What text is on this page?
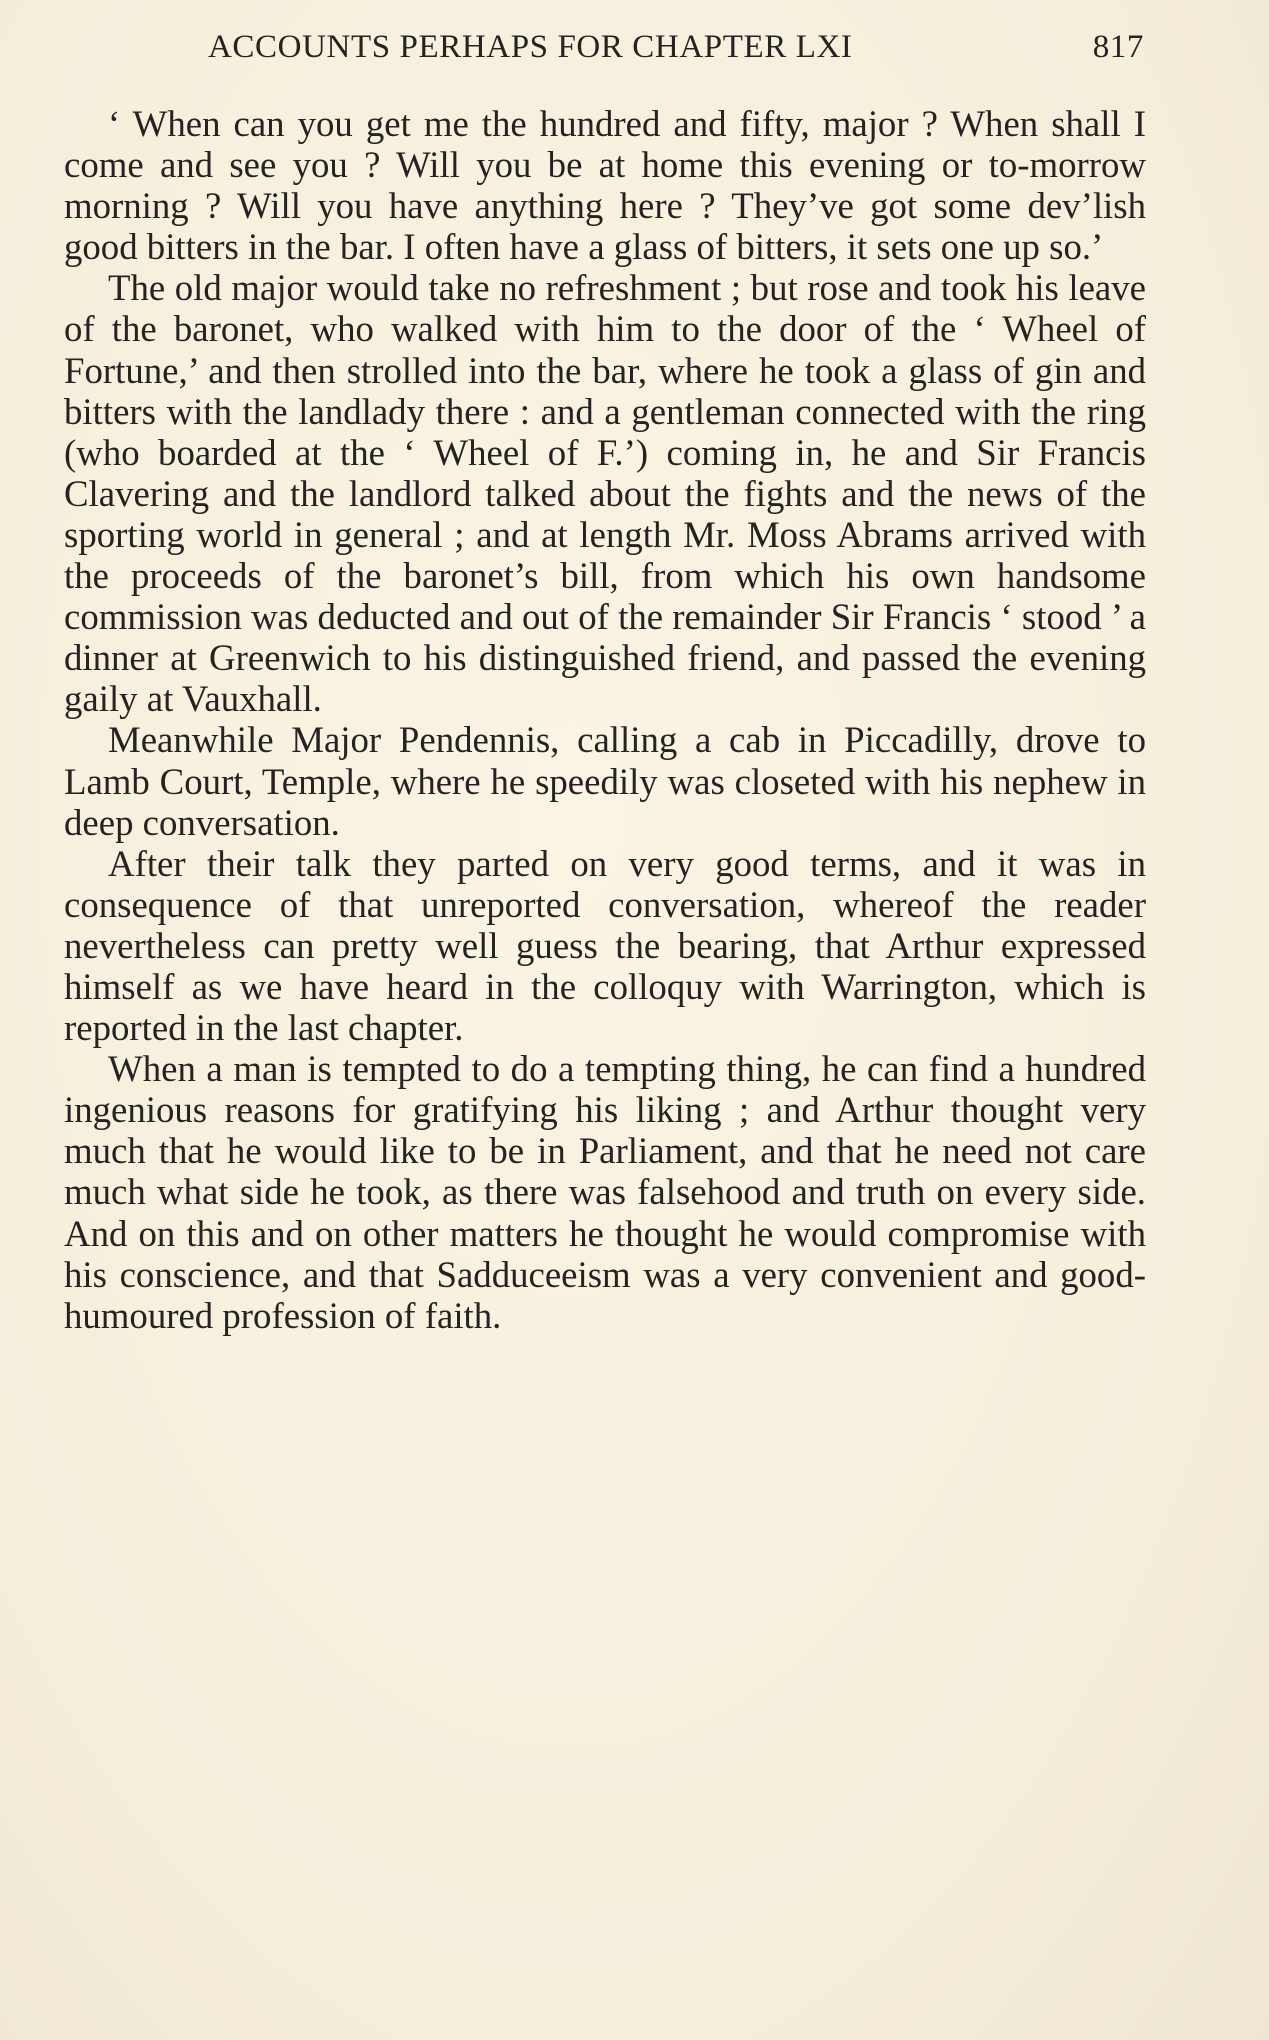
ACCOUNTS PERHAPS FOR CHAPTER LXI	817

‘ When can you get me the hundred and fifty, major ? When shall I come and see you ? Will you be at home this evening or to-morrow morning ? Will you have anything here ? They’ve got some dev’lish good bitters in the bar. I often have a glass of bitters, it sets one up so.’

The old major would take no refreshment ; but rose and took his leave of the baronet, who walked with him to the door of the ‘ Wheel of Fortune,’ and then strolled into the bar, where he took a glass of gin and bitters with the landlady there : and a gentleman connected with the ring (who boarded at the ‘ Wheel of F.’) coming in, he and Sir Francis Clavering and the landlord talked about the fights and the news of the sporting world in general ; and at length Mr. Moss Abrams arrived with the proceeds of the baronet’s bill, from which his own handsome commission was deducted and out of the remainder Sir Francis ‘ stood ’ a dinner at Greenwich to his distinguished friend, and passed the evening gaily at Vauxhall.

Meanwhile Major Pendennis, calling a cab in Piccadilly, drove to Lamb Court, Temple, where he speedily was closeted with his nephew in deep conversation.

After their talk they parted on very good terms, and it was in consequence of that unreported conversation, whereof the reader nevertheless can pretty well guess the bearing, that Arthur expressed himself as we have heard in the colloquy with Warrington, which is reported in the last chapter.

When a man is tempted to do a tempting thing, he can find a hundred ingenious reasons for gratifying his liking ; and Arthur thought very much that he would like to be in Parliament, and that he need not care much what side he took, as there was falsehood and truth on every side. And on this and on other matters he thought he would compromise with his conscience, and that Sadduceeism was a very convenient and good-humoured profession of faith.
